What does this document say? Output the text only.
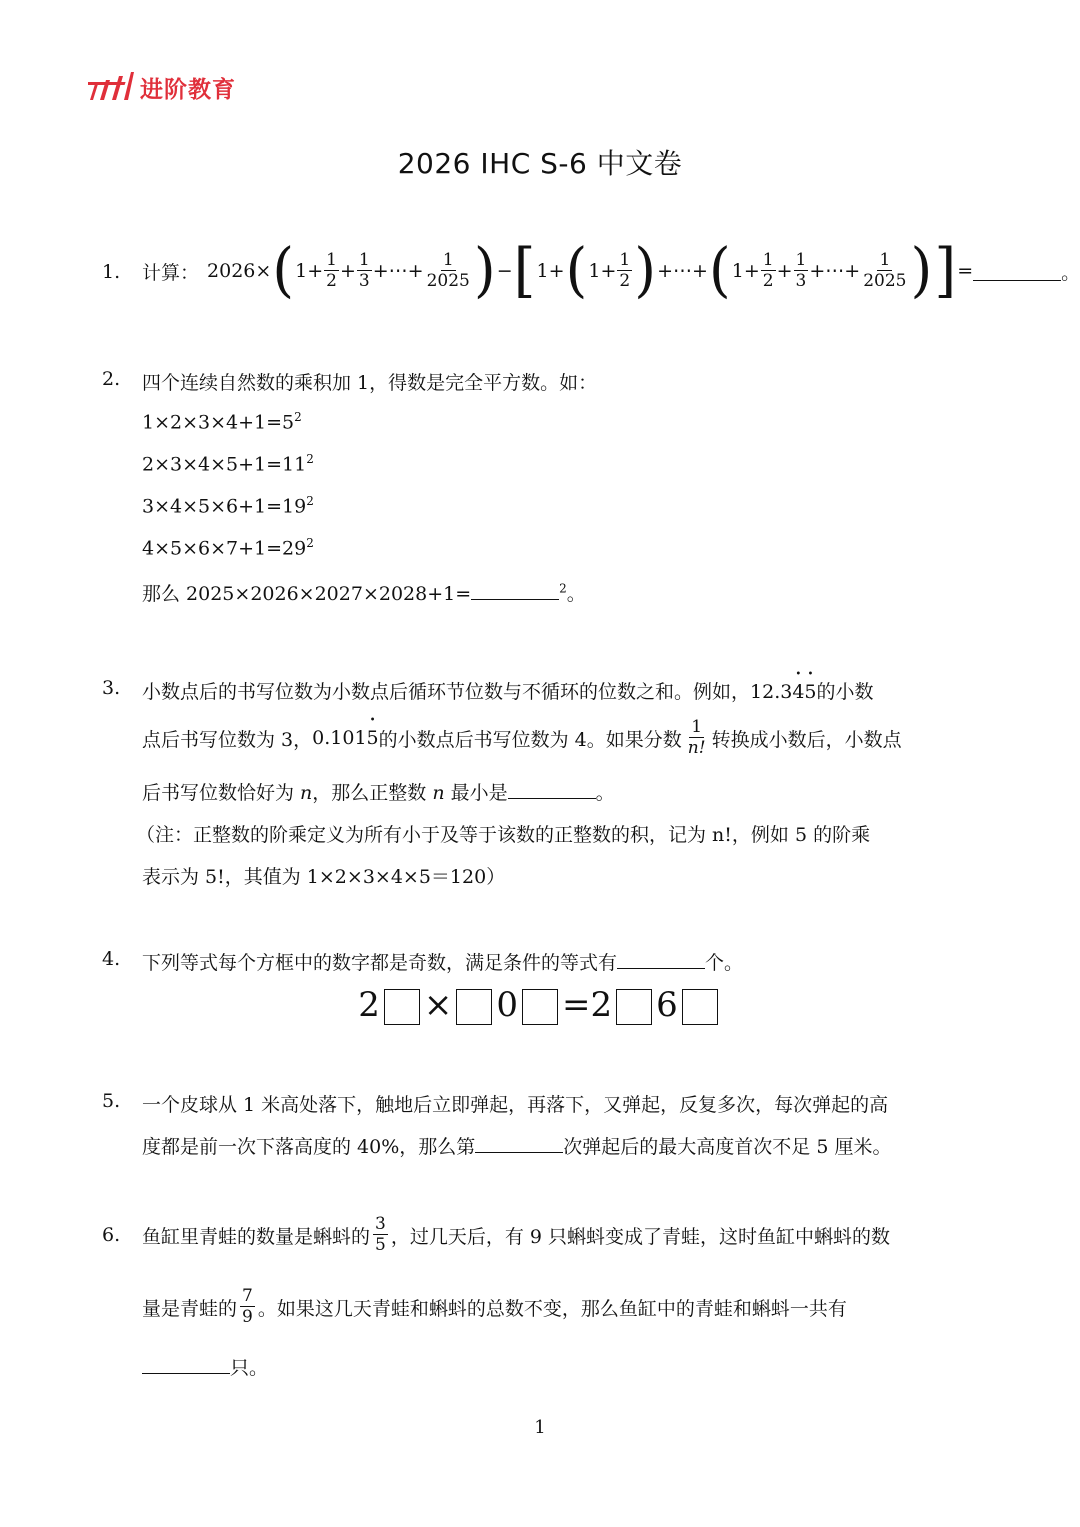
进阶教育
2026 IHC S-6 中文卷
1. 计算： 2026× ( $1 + \frac{1}{2} + \frac{1}{3}$ + ⋯ + $\frac{1}{2025}$ ) − [ 1 + ( $1 + \frac{1}{2}$ ) + ⋯ + ( $1 + \frac{1}{2} + \frac{1}{3}$ + ⋯ + $\frac{1}{2025}$ ) ] =	。
2. 四个连续自然数的乘积加 1，得数是完全平方数。如：
$1\times 2\times 3\times 4+1=5^2$
$2\times 3\times 4\times 5+1=11^2$
$3\times 4\times 5\times 6+1=19^2$
$4\times 5\times 6\times 7+1=29^2$
那么 2025×2026×2027×2028+1=	$^2$。
3. 小数点后的书写位数为小数点后循环节位数与不循环的位数之和。例如，12.3• 4• 5的小数
点后书写位数为 3， 0.101
• 5 的小数点后书写位数为 4。如果分数 $\frac{1}{n!}$ 转换成小数后，小数点
后书写位数恰好为 n，那么正整数 n 最小是	。
（注：正整数的阶乘定义为所有小于及等于该数的正整数的积，记为 n!，例如 5 的阶乘
表示为 5!，其值为 1×2×3×4×5＝120）
4. 下列等式每个方框中的数字都是奇数，满足条件的等式有	个。
2 × 0 =2 6
5. 一个皮球从 1 米高处落下，触地后立即弹起，再落下，又弹起，反复多次，每次弹起的高
度都是前一次下落高度的 40%，那么第	次弹起后的最大高度首次不足 5 厘米。
6. 鱼缸里青蛙的数量是蝌蚪的 $\frac{3}{5}$ ，过几天后，有 9 只蝌蚪变成了青蛙，这时鱼缸中蝌蚪的数
量是青蛙的 $\frac{7}{9}$ 。如果这几天青蛙和蝌蚪的总数不变，那么鱼缸中的青蛙和蝌蚪一共有
只。
1
